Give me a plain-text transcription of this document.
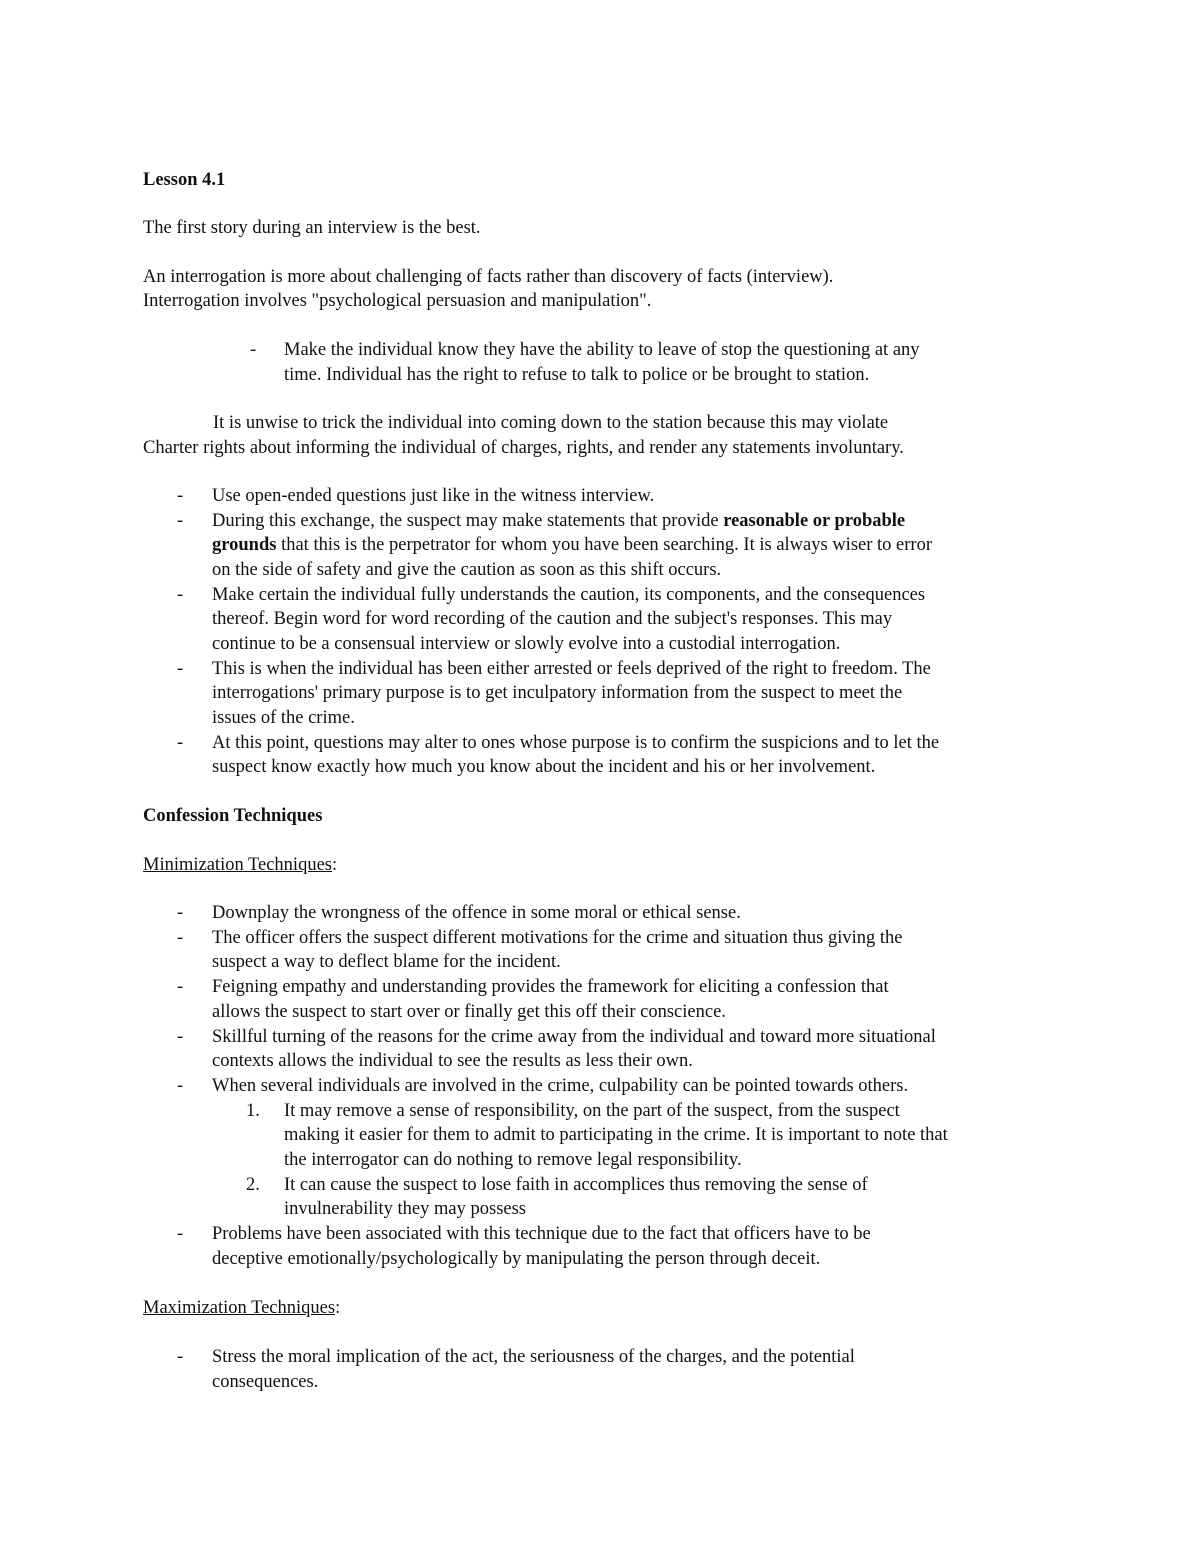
Lesson 4.1
The first story during an interview is the best.
An interrogation is more about challenging of facts rather than discovery of facts (interview).
Interrogation involves "psychological persuasion and manipulation".
- Make the individual know they have the ability to leave of stop the questioning at any
time. Individual has the right to refuse to talk to police or be brought to station.
It is unwise to trick the individual into coming down to the station because this may violate
Charter rights about informing the individual of charges, rights, and render any statements involuntary.
- Use open-ended questions just like in the witness interview.
- During this exchange, the suspect may make statements that provide reasonable or probable
grounds that this is the perpetrator for whom you have been searching. It is always wiser to error
on the side of safety and give the caution as soon as this shift occurs.
- Make certain the individual fully understands the caution, its components, and the consequences
thereof. Begin word for word recording of the caution and the subject's responses. This may
continue to be a consensual interview or slowly evolve into a custodial interrogation.
- This is when the individual has been either arrested or feels deprived of the right to freedom. The
interrogations' primary purpose is to get inculpatory information from the suspect to meet the
issues of the crime.
- At this point, questions may alter to ones whose purpose is to confirm the suspicions and to let the
suspect know exactly how much you know about the incident and his or her involvement.
Confession Techniques
Minimization Techniques:
- Downplay the wrongness of the offence in some moral or ethical sense.
- The officer offers the suspect different motivations for the crime and situation thus giving the
suspect a way to deflect blame for the incident.
- Feigning empathy and understanding provides the framework for eliciting a confession that
allows the suspect to start over or finally get this off their conscience.
- Skillful turning of the reasons for the crime away from the individual and toward more situational
contexts allows the individual to see the results as less their own.
- When several individuals are involved in the crime, culpability can be pointed towards others.
1. It may remove a sense of responsibility, on the part of the suspect, from the suspect
making it easier for them to admit to participating in the crime. It is important to note that
the interrogator can do nothing to remove legal responsibility.
2. It can cause the suspect to lose faith in accomplices thus removing the sense of
invulnerability they may possess
- Problems have been associated with this technique due to the fact that officers have to be
deceptive emotionally/psychologically by manipulating the person through deceit.
Maximization Techniques:
- Stress the moral implication of the act, the seriousness of the charges, and the potential
consequences.
